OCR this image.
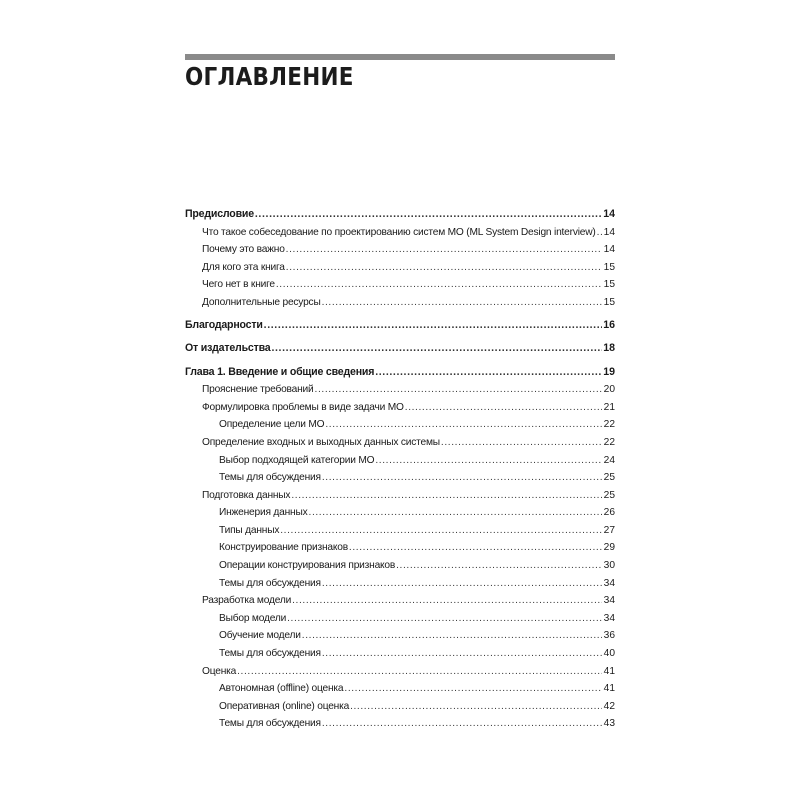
ОГЛАВЛЕНИЕ
Предисловие .....	14
Что такое собеседование по проектированию систем МО (ML System Design interview) ..... 14
Почему это важно .....	14
Для кого эта книга .....	15
Чего нет в книге .....	15
Дополнительные ресурсы .....	15
Благодарности .....	16
От издательства .....	18
Глава 1. Введение и общие сведения .....	19
Прояснение требований .....	20
Формулировка проблемы в виде задачи МО .....	21
Определение цели МО .....	22
Определение входных и выходных данных системы .....	22
Выбор подходящей категории МО .....	24
Темы для обсуждения .....	25
Подготовка данных .....	25
Инженерия данных .....	26
Типы данных .....	27
Конструирование признаков .....	29
Операции конструирования признаков .....	30
Темы для обсуждения .....	34
Разработка модели .....	34
Выбор модели .....	34
Обучение модели .....	36
Темы для обсуждения .....	40
Оценка .....	41
Автономная (offline) оценка .....	41
Оперативная (online) оценка .....	42
Темы для обсуждения .....	43
